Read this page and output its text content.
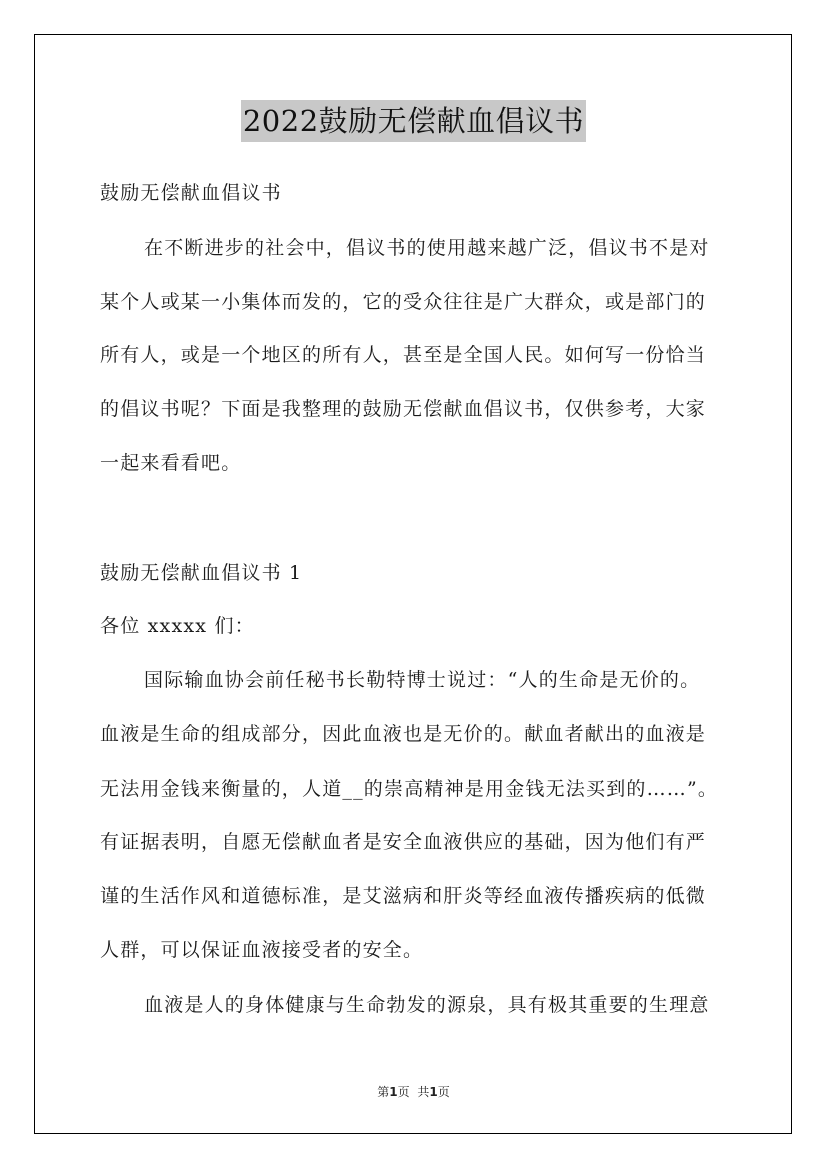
2022鼓励无偿献血倡议书
鼓励无偿献血倡议书
在不断进步的社会中，倡议书的使用越来越广泛，倡议书不是对
某个人或某一小集体而发的，它的受众往往是广大群众，或是部门的
所有人，或是一个地区的所有人，甚至是全国人民。如何写一份恰当
的倡议书呢？下面是我整理的鼓励无偿献血倡议书，仅供参考，大家
一起来看看吧。
鼓励无偿献血倡议书 1
各位 xxxxx 们：
国际输血协会前任秘书长勒特博士说过：“人的生命是无价的。
血液是生命的组成部分，因此血液也是无价的。献血者献出的血液是
无法用金钱来衡量的，人道__的崇高精神是用金钱无法买到的……”。
有证据表明，自愿无偿献血者是安全血液供应的基础，因为他们有严
谨的生活作风和道德标准，是艾滋病和肝炎等经血液传播疾病的低微
人群，可以保证血液接受者的安全。
血液是人的身体健康与生命勃发的源泉，具有极其重要的生理意
第1页 共1页
